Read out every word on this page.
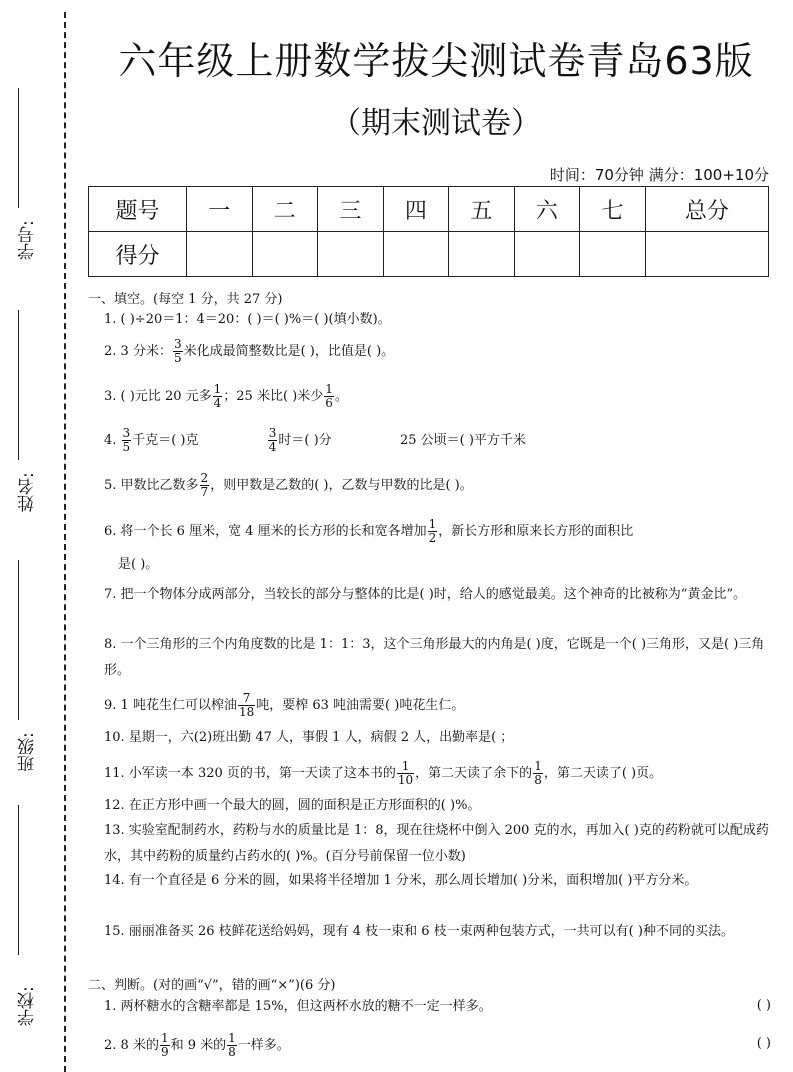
学号:
姓名:
班级:
学校:
六年级上册数学拔尖测试卷青岛63版
（期末测试卷）
时间：70分钟 满分：100+10分
题号	一	二	三	四	五	六	七	总分
得分								
一、填空。(每空 1 分，共 27 分)
1. ( )÷20＝1：4＝20：( )＝( )%＝( )(填小数)。
2. 3 分米： $\frac{3}{5}$ 米化成最简整数比是( )，比值是( )。
3. ( )元比 20 元多 $\frac{1}{4}$ ；25 米比( )米少 $\frac{1}{6}$ 。
4. $\frac{3}{5}$ 千克＝( )克	$\frac{3}{4}$ 时＝( )分	25 公顷＝( )平方千米
5. 甲数比乙数多 $\frac{2}{7}$ ，则甲数是乙数的( )，乙数与甲数的比是( )。
6. 将一个长 6 厘米，宽 4 厘米的长方形的长和宽各增加 $\frac{1}{2}$ ，新长方形和原来长方形的面积比
是( )。
7. 把一个物体分成两部分，当较长的部分与整体的比是( )时，给人的感觉最美。这个神奇的比被称为“黄金比”。
8. 一个三角形的三个内角度数的比是 1：1：3，这个三角形最大的内角是( )度，它既是一个( )三角形，又是( )三角形。
9. 1 吨花生仁可以榨油 $\frac{7}{18}$ 吨，要榨 63 吨油需要( )吨花生仁。
10. 星期一，六(2)班出勤 47 人，事假 1 人，病假 2 人，出勤率是( ；
11. 小军读一本 320 页的书，第一天读了这本书的 $\frac{1}{10}$ ，第二天读了余下的 $\frac{1}{8}$ ，第二天读了( )页。
12. 在正方形中画一个最大的圆，圆的面积是正方形面积的( )%。
13. 实验室配制药水，药粉与水的质量比是 1：8，现在往烧杯中倒入 200 克的水，再加入( )克的药粉就可以配成药水，其中药粉的质量约占药水的( )%。(百分号前保留一位小数)
14. 有一个直径是 6 分米的圆，如果将半径增加 1 分米，那么周长增加( )分米，面积增加( )平方分米。
15. 丽丽准备买 26 枝鲜花送给妈妈，现有 4 枝一束和 6 枝一束两种包装方式，一共可以有( )种不同的买法。
二、判断。(对的画“√”，错的画“×”)(6 分)
1. 两杯糖水的含糖率都是 15%，但这两杯水放的糖不一定一样多。	( )
2. 8 米的 $\frac{1}{9}$ 和 9 米的 $\frac{1}{8}$ 一样多。	( )
